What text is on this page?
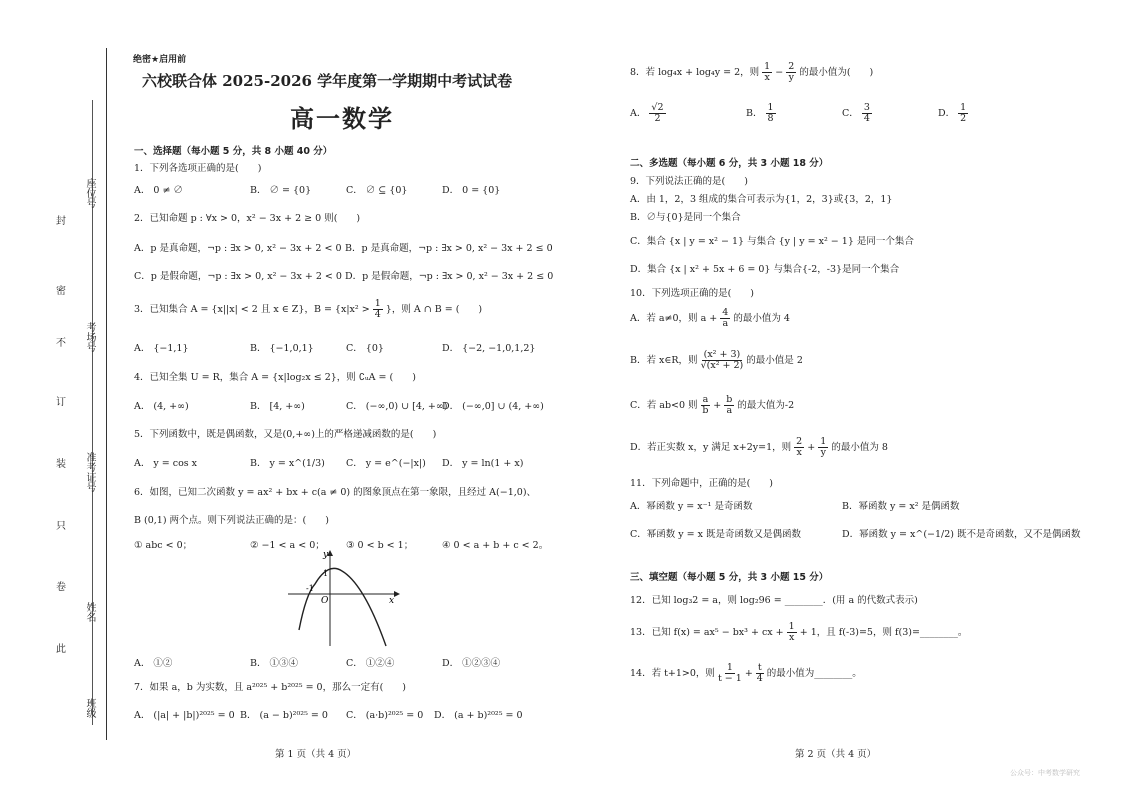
封
密
不
订
装
只
卷
此
座位号
考场号
准考证号
姓名
班级
绝密★启用前
六校联合体 2025-2026 学年度第一学期期中考试试卷
高一数学
一、选择题（每小题 5 分，共 8 小题 40 分）
1．下列各选项正确的是(　　)
A． 0 ≠ ∅	B． ∅ = {0}	C． ∅ ⊆ {0}	D． 0 = {0}
2．已知命题 p : ∀x > 0，x² − 3x + 2 ≥ 0 则(　　)
A．p 是真命题，¬p : ∃x > 0, x² − 3x + 2 < 0 B．p 是真命题，¬p : ∃x > 0, x² − 3x + 2 ≤ 0
C．p 是假命题，¬p : ∃x > 0, x² − 3x + 2 < 0 D．p 是假命题，¬p : ∃x > 0, x² − 3x + 2 ≤ 0
3．已知集合 A = {x||x| < 2 且 x ∈ Z}，$B = \{x|x^2 > \frac{1}{4}$ }，则 A ∩ B = (　　)
A． {−1,1}	B． {−1,0,1}	C． {0}	D． {−2, −1,0,1,2}
4．已知全集 U = R，集合 A = {x|log₂x ≤ 2}，则 ∁ᵤA = (　　)
A． (4, +∞)	B． [4, +∞)	C． (−∞,0) ∪ [4, +∞)
D． (−∞,0] ∪ (4, +∞)
5．下列函数中，既是偶函数，又是(0,+∞)上的严格递减函数的是(　　)
A． y = cos x	B． y = x^(1/3) C． y = e^(−|x|) D． y = ln(1 + x)
6．如图，已知二次函数 y = ax² + bx + c(a ≠ 0) 的图象顶点在第一象限，且经过 A(−1,0)、
B (0,1) 两个点。则下列说法正确的是：(　　)
① abc < 0；	② −1 < a < 0； ③ 0 < b < 1；	④ 0 < a + b + c < 2。
y
x
O
1
-1
A． ①②	B． ①③④	C． ①②④	D． ①②③④
7．如果 a，b 为实数，且 a²⁰²⁵ + b²⁰²⁵ = 0，那么一定有(　　)
A． (|a| + |b|)²⁰²⁵ = 0 B． (a − b)²⁰²⁵ = 0 C． (a·b)²⁰²⁵ = 0 D． (a + b)²⁰²⁵ = 0
第 1 页（共 4 页）
8．若 log₄x + log₄y = 2，则 $\frac{1}{x} - \frac{2}{y}$ 的最小值为(　　)
A． $\frac{√2}{2}$	B． $\frac{1}{8}$	C． $\frac{3}{4}$	D． $\frac{1}{2}$
二、多选题（每小题 6 分，共 3 小题 18 分）
9．下列说法正确的是(　　)
A．由 1，2，3 组成的集合可表示为{1，2，3}或{3，2，1}
B．∅与{0}是同一个集合
C．集合 {x | y = x² − 1} 与集合 {y | y = x² − 1} 是同一个集合
D．集合 {x | x² + 5x + 6 = 0} 与集合{-2，-3}是同一个集合
10．下列选项正确的是(　　)
A．若 a≠0，则 $a + \frac{4}{a}$ 的最小值为 4
B．若 x∈R，则 $\frac{\text{(x² + 3)}}{\text{√(x² + 2)}}$ 的最小值是 2
C．若 ab<0 则 $\frac{a}{b} + \frac{b}{a}$ 的最大值为-2
D．若正实数 x，y 满足 x+2y=1，则 $\frac{2}{x} + \frac{1}{y}$ 的最小值为 8
11．下列命题中，正确的是(　　)
A．幂函数 y = x⁻¹ 是奇函数	B．幂函数 y = x² 是偶函数
C．幂函数 y = x 既是奇函数又是偶函数	D．幂函数 y = x^(−1/2) 既不是奇函数，又不是偶函数
三、填空题（每小题 5 分，共 3 小题 15 分）
12．已知 log₃2 = a，则 log₂96 = ________．(用 a 的代数式表示)
13．已知 f(x) = ax⁵ − bx³ + cx + $\frac{1}{x} + 1$，且 f(-3)=5，则 f(3)=________。
14．若 t+1>0，则 $\frac{1}{t - 1} + \frac{t}{4}$ 的最小值为________。
第 2 页（共 4 页）
公众号：中考数学研究
